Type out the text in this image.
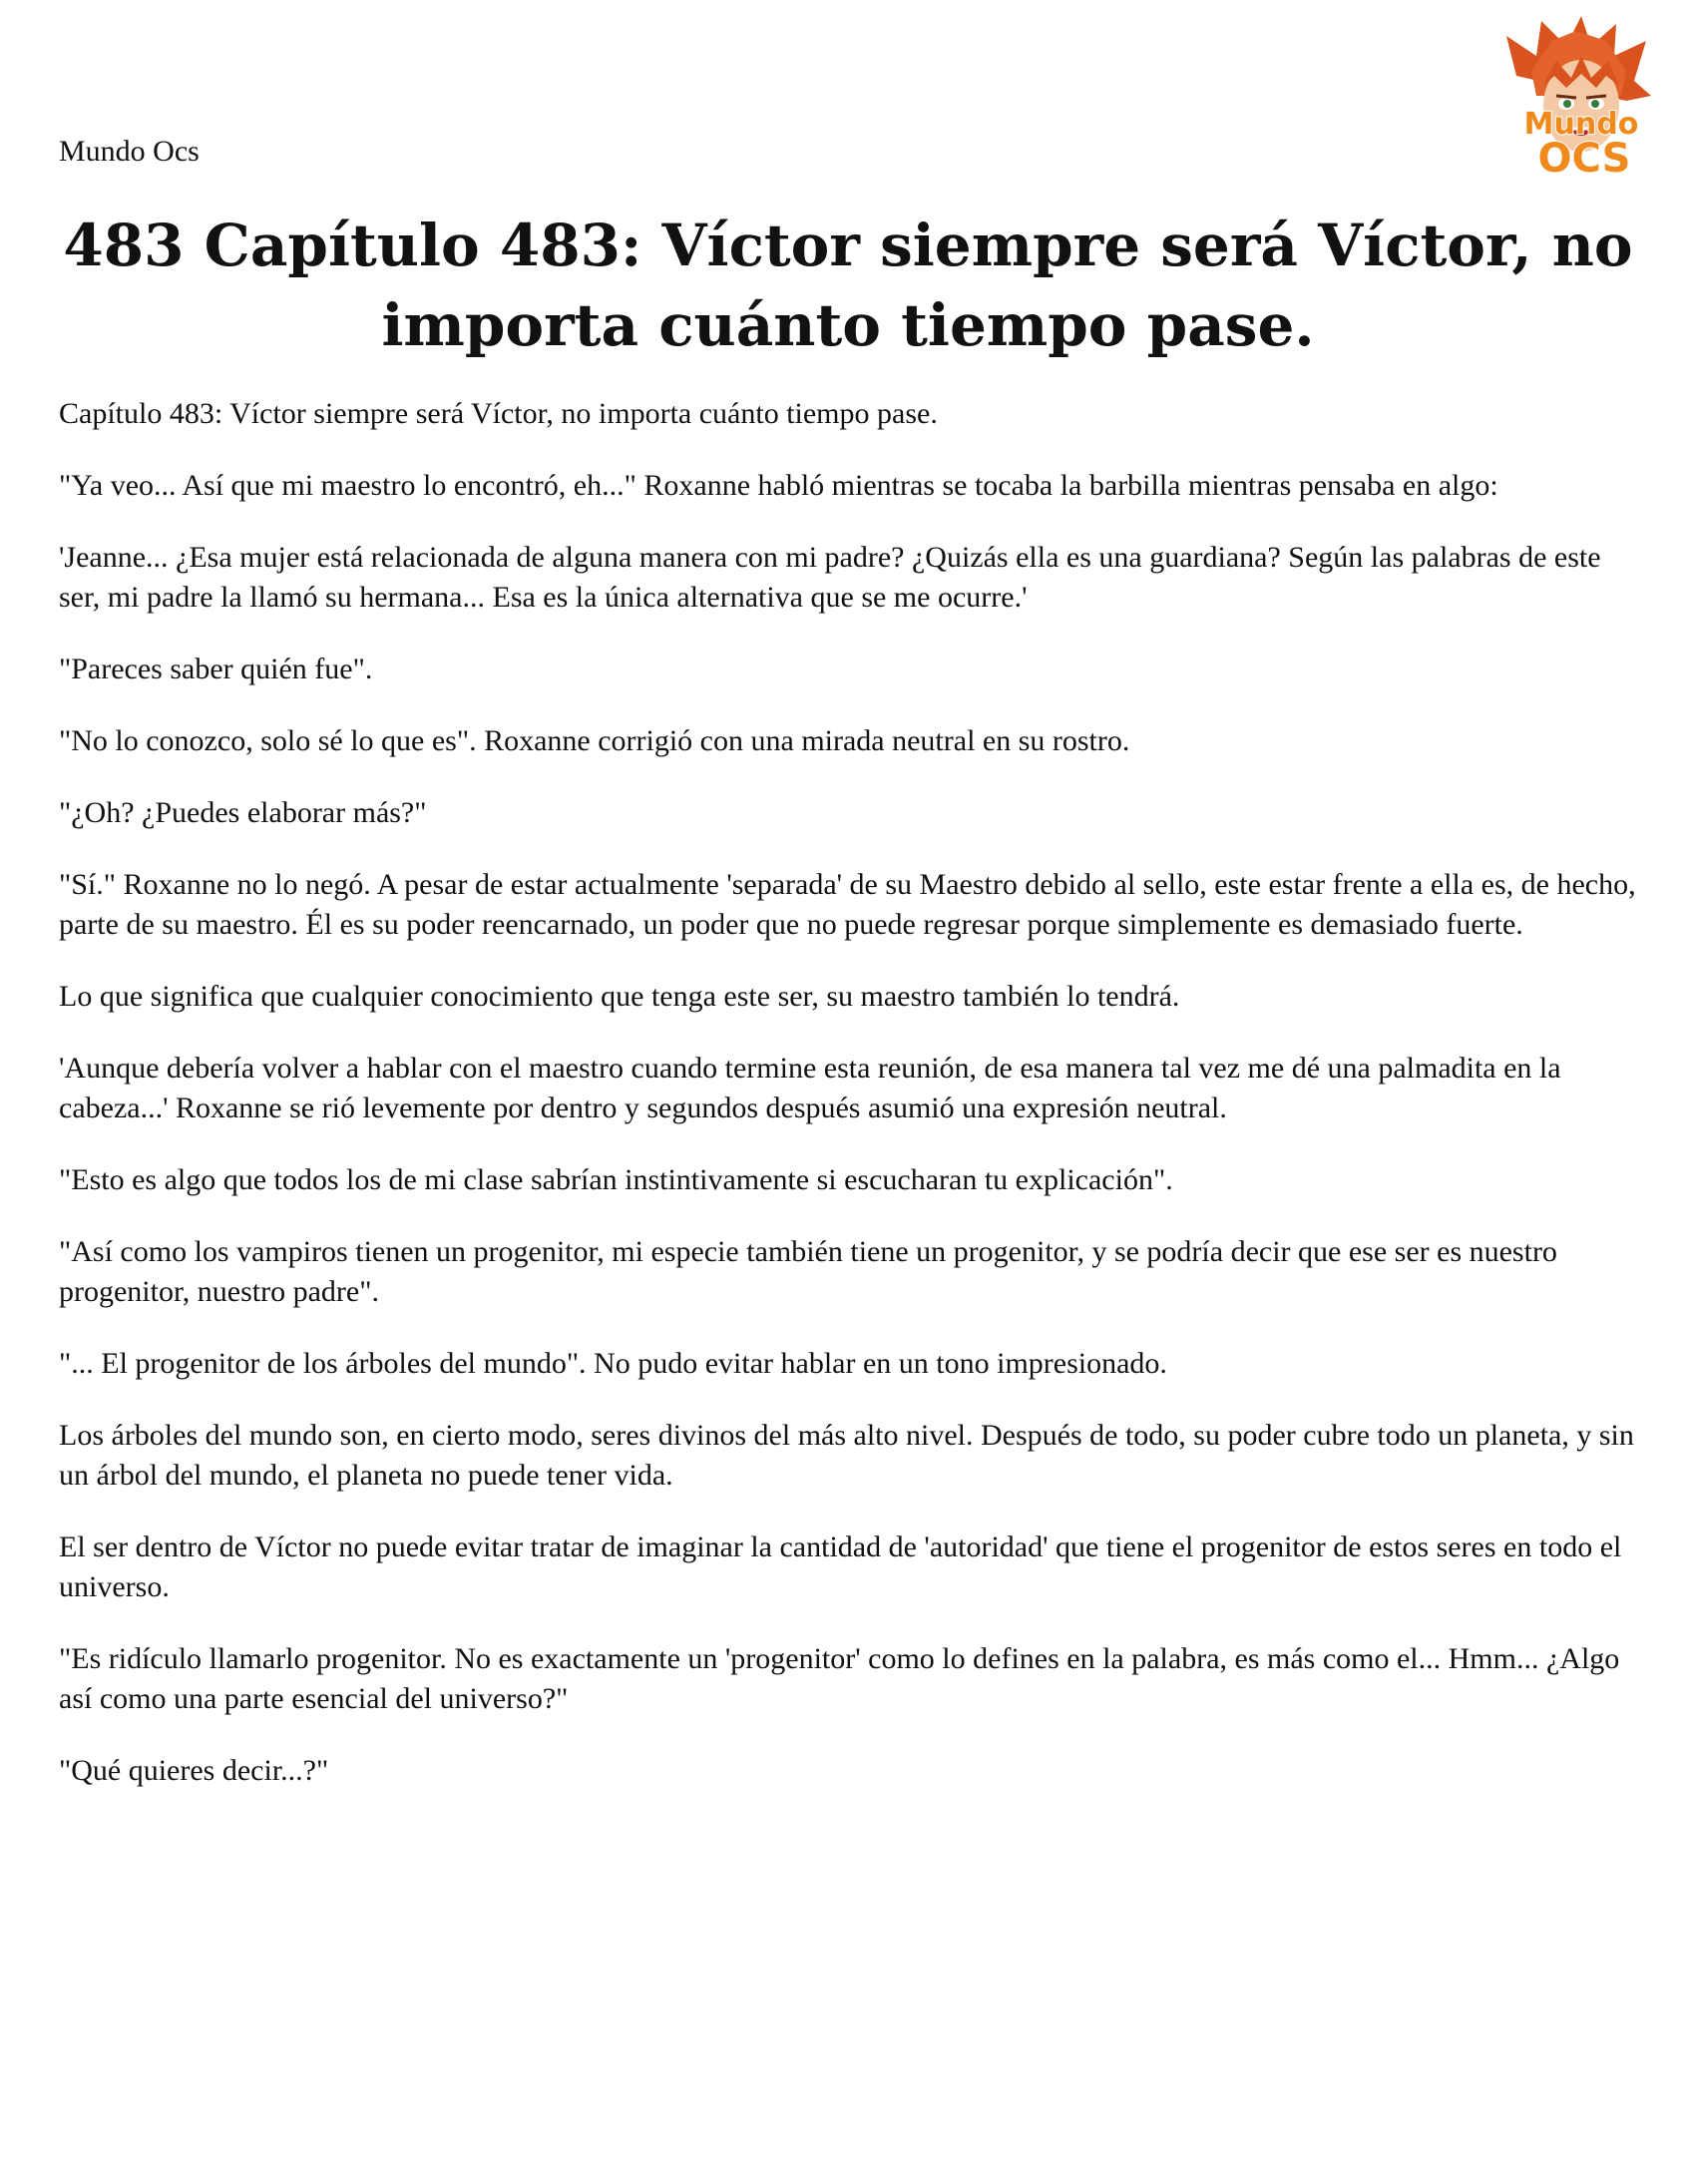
Mundo Ocs

Mundo
OCS
483 Capítulo 483: Víctor siempre será Víctor, no importa cuánto tiempo pase.

Capítulo 483: Víctor siempre será Víctor, no importa cuánto tiempo pase.

"Ya veo... Así que mi maestro lo encontró, eh..." Roxanne habló mientras se tocaba la barbilla mientras pensaba en algo:

'Jeanne... ¿Esa mujer está relacionada de alguna manera con mi padre? ¿Quizás ella es una guardiana? Según las palabras de este ser, mi padre la llamó su hermana... Esa es la única alternativa que se me ocurre.'

"Pareces saber quién fue".

"No lo conozco, solo sé lo que es". Roxanne corrigió con una mirada neutral en su rostro.

"¿Oh? ¿Puedes elaborar más?"

"Sí." Roxanne no lo negó. A pesar de estar actualmente 'separada' de su Maestro debido al sello, este estar frente a ella es, de hecho, parte de su maestro. Él es su poder reencarnado, un poder que no puede regresar porque simplemente es demasiado fuerte.

Lo que significa que cualquier conocimiento que tenga este ser, su maestro también lo tendrá.

'Aunque debería volver a hablar con el maestro cuando termine esta reunión, de esa manera tal vez me dé una palmadita en la cabeza...' Roxanne se rió levemente por dentro y segundos después asumió una expresión neutral.

"Esto es algo que todos los de mi clase sabrían instintivamente si escucharan tu explicación".

"Así como los vampiros tienen un progenitor, mi especie también tiene un progenitor, y se podría decir que ese ser es nuestro progenitor, nuestro padre".

"... El progenitor de los árboles del mundo". No pudo evitar hablar en un tono impresionado.

Los árboles del mundo son, en cierto modo, seres divinos del más alto nivel. Después de todo, su poder cubre todo un planeta, y sin un árbol del mundo, el planeta no puede tener vida.

El ser dentro de Víctor no puede evitar tratar de imaginar la cantidad de 'autoridad' que tiene el progenitor de estos seres en todo el universo.

"Es ridículo llamarlo progenitor. No es exactamente un 'progenitor' como lo defines en la palabra, es más como el... Hmm... ¿Algo así como una parte esencial del universo?"

"Qué quieres decir...?"
